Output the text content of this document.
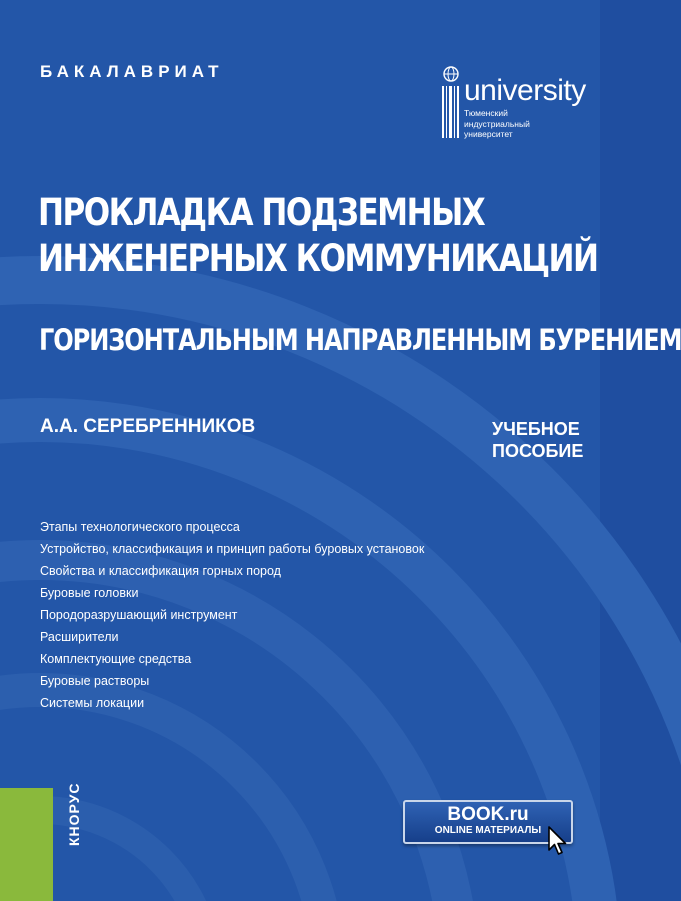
БАКАЛАВРИАТ
university
Тюменский
индустриальный
университет
ПРОКЛАДКА ПОДЗЕМНЫХ
ИНЖЕНЕРНЫХ КОММУНИКАЦИЙ
ГОРИЗОНТАЛЬНЫМ НАПРАВЛЕННЫМ БУРЕНИЕМ
А.А. СЕРЕБРЕННИКОВ	УЧЕБНОЕ
ПОСОБИЕ
Этапы технологического процесса
Устройство, классификация и принцип работы буровых установок
Свойства и классификация горных пород
Буровые головки
Породоразрушающий инструмент
Расширители
Комплектующие средства
Буровые растворы
Системы локации
КНОРУС	BOOK.ru
ONLINE МАТЕРИАЛЫ
